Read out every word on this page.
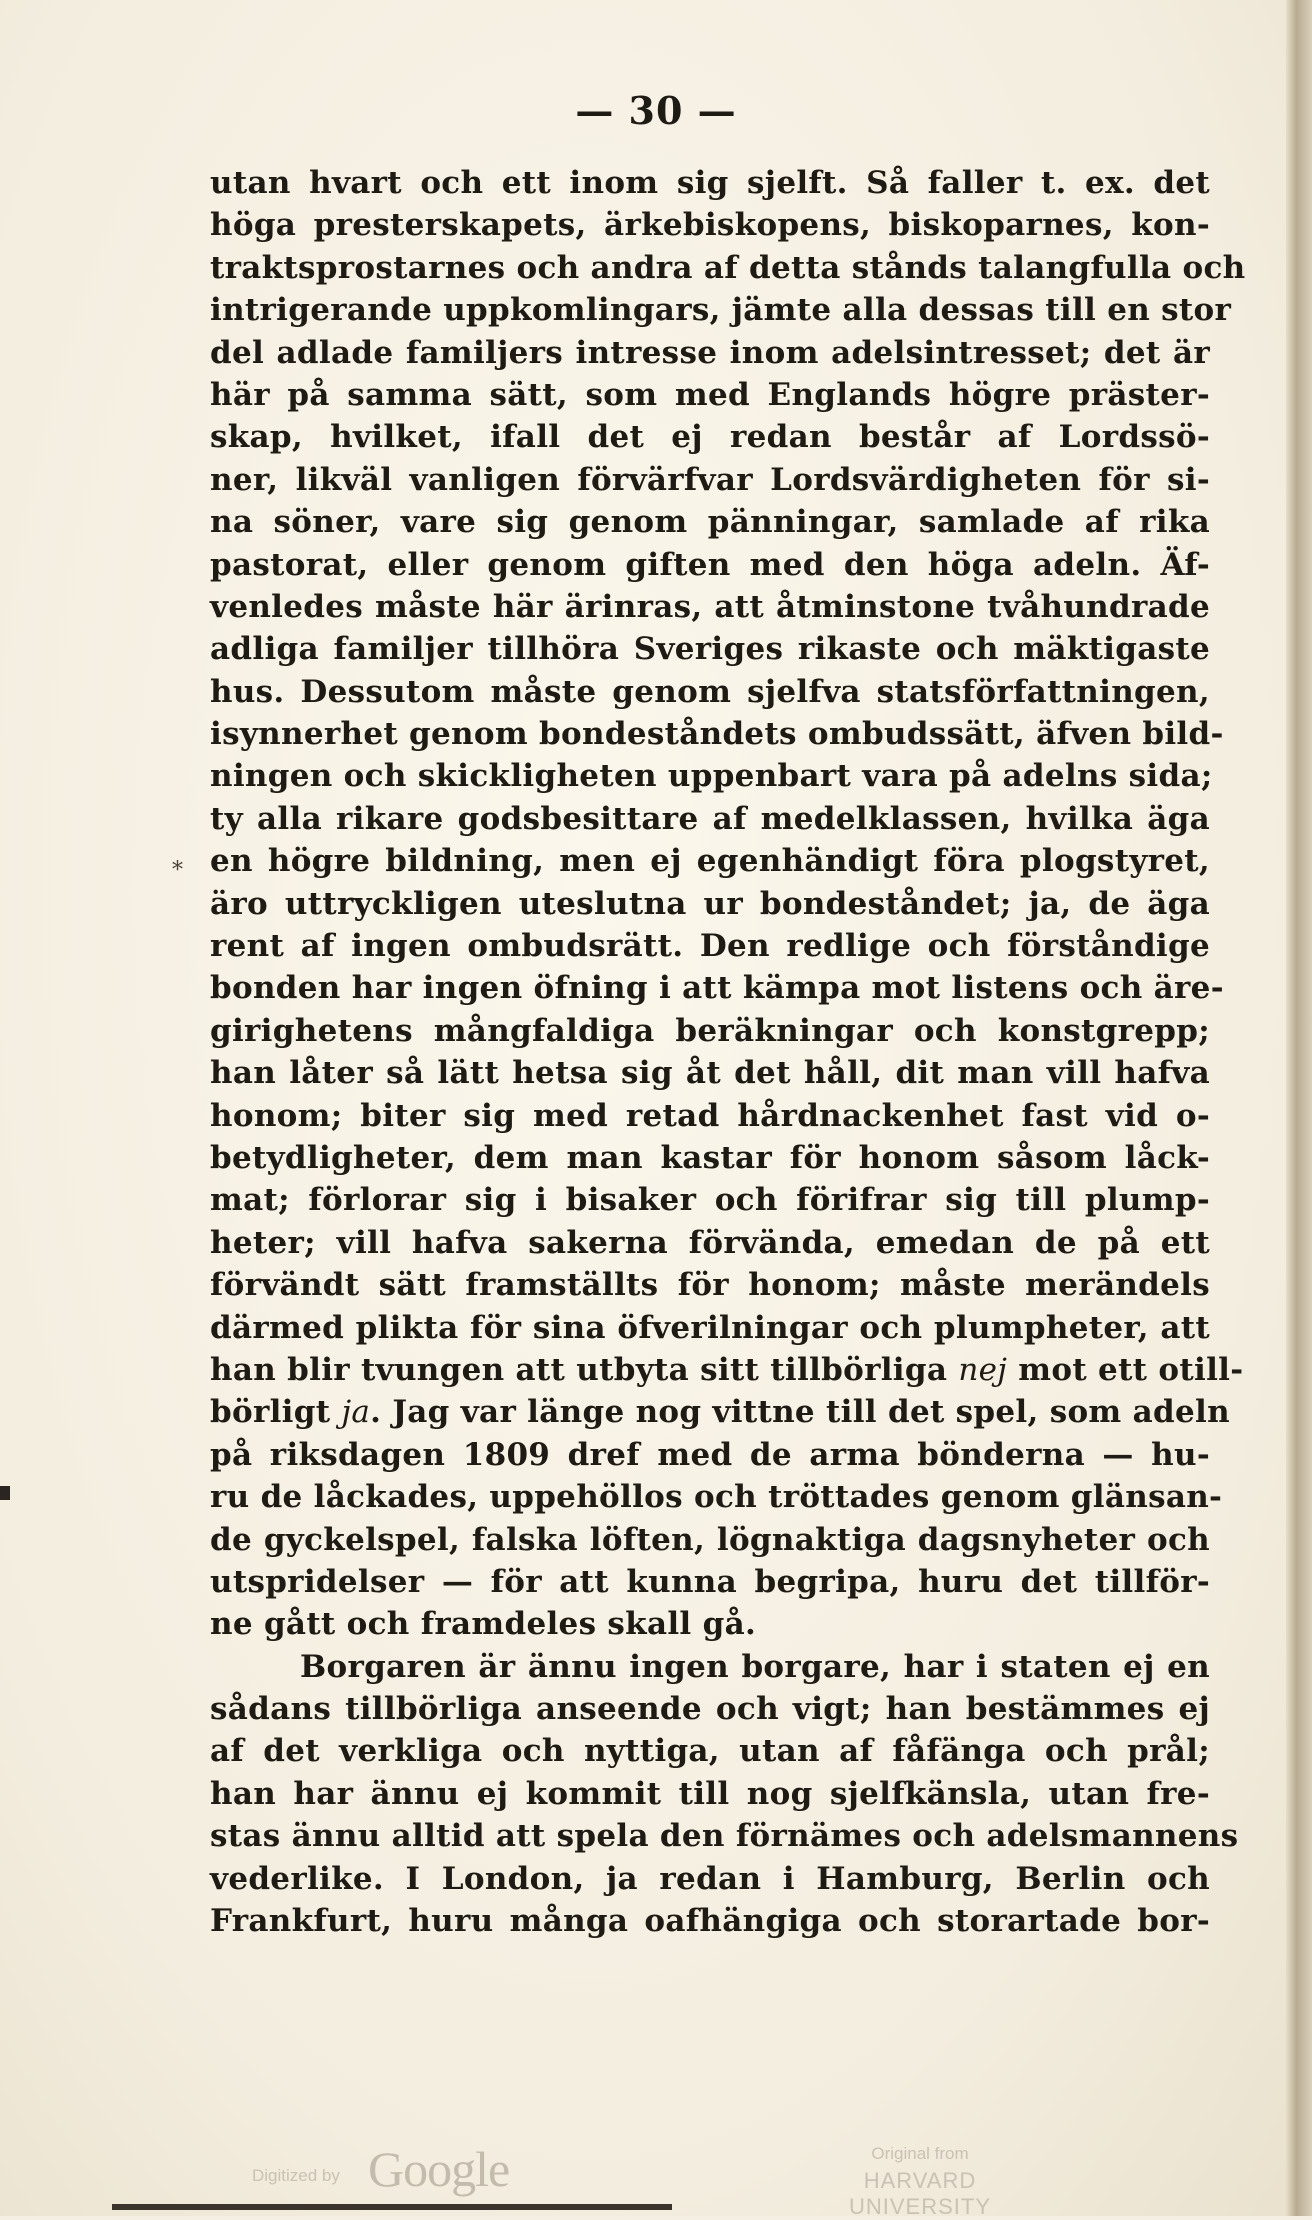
— 30 —
*
utan hvart och ett inom sig sjelft. Så faller t. ex. det
höga presterskapets, ärkebiskopens, biskoparnes, kon-
traktsprostarnes och andra af detta stånds talangfulla och
intrigerande uppkomlingars, jämte alla dessas till en stor
del adlade familjers intresse inom adelsintresset; det är
här på samma sätt, som med Englands högre präster-
skap, hvilket, ifall det ej redan består af Lordssö-
ner, likväl vanligen förvärfvar Lordsvärdigheten för si-
na söner, vare sig genom pänningar, samlade af rika
pastorat, eller genom giften med den höga adeln. Äf-
venledes måste här ärinras, att åtminstone tvåhundrade
adliga familjer tillhöra Sveriges rikaste och mäktigaste
hus. Dessutom måste genom sjelfva statsförfattningen,
isynnerhet genom bondeståndets ombudssätt, äfven bild-
ningen och skickligheten uppenbart vara på adelns sida;
ty alla rikare godsbesittare af medelklassen, hvilka äga
en högre bildning, men ej egenhändigt föra plogstyret,
äro uttryckligen uteslutna ur bondeståndet; ja, de äga
rent af ingen ombudsrätt. Den redlige och förståndige
bonden har ingen öfning i att kämpa mot listens och äre-
girighetens mångfaldiga beräkningar och konstgrepp;
han låter så lätt hetsa sig åt det håll, dit man vill hafva
honom; biter sig med retad hårdnackenhet fast vid o-
betydligheter, dem man kastar för honom såsom låck-
mat; förlorar sig i bisaker och förifrar sig till plump-
heter; vill hafva sakerna förvända, emedan de på ett
förvändt sätt framställts för honom; måste merändels
därmed plikta för sina öfverilningar och plumpheter, att
han blir tvungen att utbyta sitt tillbörliga nej mot ett otill-
börligt ja. Jag var länge nog vittne till det spel, som adeln
på riksdagen 1809 dref med de arma bönderna — hu-
ru de låckades, uppehöllos och tröttades genom glänsan-
de gyckelspel, falska löften, lögnaktiga dagsnyheter och
utspridelser — för att kunna begripa, huru det tillför-
ne gått och framdeles skall gå.
Borgaren är ännu ingen borgare, har i staten ej en
sådans tillbörliga anseende och vigt; han bestämmes ej
af det verkliga och nyttiga, utan af fåfänga och prål;
han har ännu ej kommit till nog sjelfkänsla, utan fre-
stas ännu alltid att spela den förnämes och adelsmannens
vederlike. I London, ja redan i Hamburg, Berlin och
Frankfurt, huru många oafhängiga och storartade bor-
Digitized by Google	Original from
HARVARD UNIVERSITY
